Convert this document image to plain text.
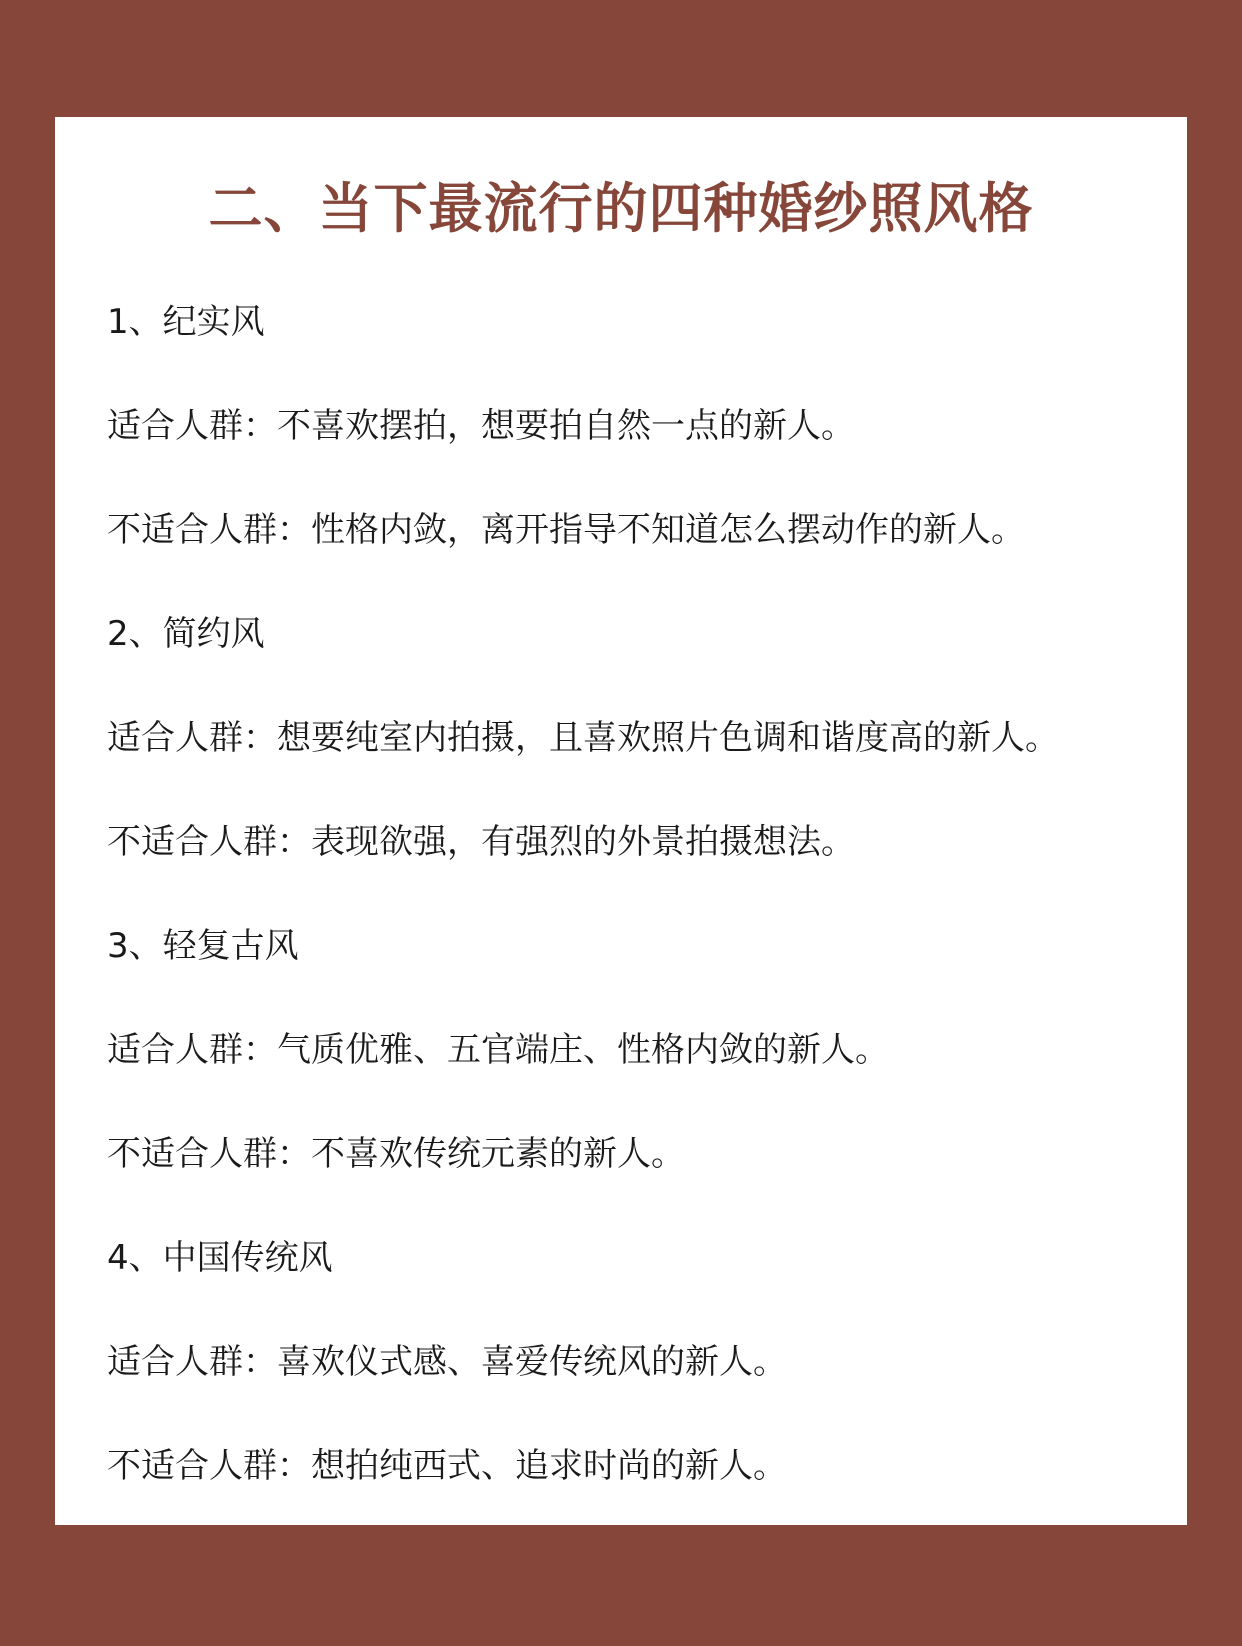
二、当下最流行的四种婚纱照风格
1、纪实风
适合人群：不喜欢摆拍，想要拍自然一点的新人。
不适合人群：性格内敛，离开指导不知道怎么摆动作的新人。
2、简约风
适合人群：想要纯室内拍摄，且喜欢照片色调和谐度高的新人。
不适合人群：表现欲强，有强烈的外景拍摄想法。
3、轻复古风
适合人群：气质优雅、五官端庄、性格内敛的新人。
不适合人群：不喜欢传统元素的新人。
4、中国传统风
适合人群：喜欢仪式感、喜爱传统风的新人。
不适合人群：想拍纯西式、追求时尚的新人。
